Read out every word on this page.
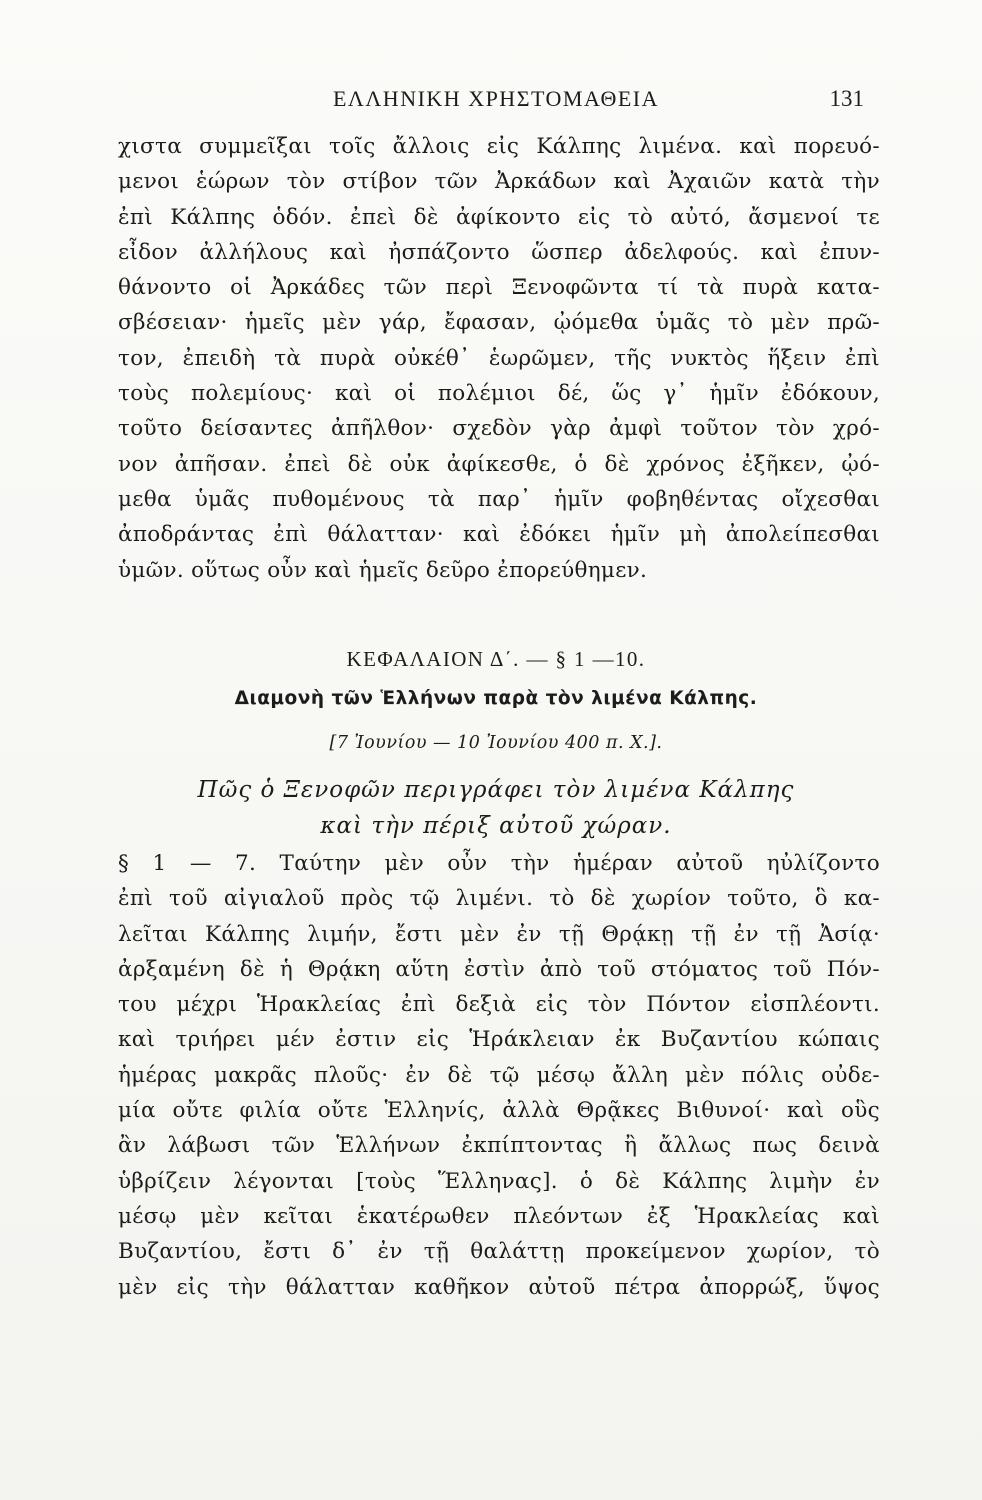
ΕΛΛΗΝΙΚΗ ΧΡΗΣΤΟΜΑΘΕΙΑ	131
χιστα συμμεῖξαι τοῖς ἄλλοις εἰς Κάλπης λιμένα. καὶ πορευό-
μενοι ἑώρων τὸν στίβον τῶν Ἀρκάδων καὶ Ἀχαιῶν κατὰ τὴν
ἐπὶ Κάλπης ὁδόν. ἐπεὶ δὲ ἀφίκοντο εἰς τὸ αὐτό, ἄσμενοί τε
εἶδον ἀλλήλους καὶ ἠσπάζοντο ὥσπερ ἀδελφούς. καὶ ἐπυν-
θάνοντο οἱ Ἀρκάδες τῶν περὶ Ξενοφῶντα τί τὰ πυρὰ κατα-
σβέσειαν· ἡμεῖς μὲν γάρ, ἔφασαν, ᾠόμεθα ὑμᾶς τὸ μὲν πρῶ-
τον, ἐπειδὴ τὰ πυρὰ οὐκέθ᾿ ἑωρῶμεν, τῆς νυκτὸς ἥξειν ἐπὶ
τοὺς πολεμίους· καὶ οἱ πολέμιοι δέ, ὥς γ᾿ ἡμῖν ἐδόκουν,
τοῦτο δείσαντες ἀπῆλθον· σχεδὸν γὰρ ἀμφὶ τοῦτον τὸν χρό-
νον ἀπῆσαν. ἐπεὶ δὲ οὐκ ἀφίκεσθε, ὁ δὲ χρόνος ἐξῆκεν, ᾠό-
μεθα ὑμᾶς πυθομένους τὰ παρ᾿ ἡμῖν φοβηθέντας οἴχεσθαι
ἀποδράντας ἐπὶ θάλατταν· καὶ ἐδόκει ἡμῖν μὴ ἀπολείπεσθαι
ὑμῶν. οὕτως οὖν καὶ ἡμεῖς δεῦρο ἐπορεύθημεν.
ΚΕΦΑΛΑΙΟΝ Δ΄. — § 1 —10.
Διαμονὴ τῶν Ἑλλήνων παρὰ τὸν λιμένα Κάλπης.
[7 Ἰουνίου — 10 Ἰουνίου 400 π. Χ.].
Πῶς ὁ Ξενοφῶν περιγράφει τὸν λιμένα Κάλπης
καὶ τὴν πέριξ αὐτοῦ χώραν.
§ 1 — 7. Ταύτην μὲν οὖν τὴν ἡμέραν αὐτοῦ ηὐλίζοντο
ἐπὶ τοῦ αἰγιαλοῦ πρὸς τῷ λιμένι. τὸ δὲ χωρίον τοῦτο, ὃ κα-
λεῖται Κάλπης λιμήν, ἔστι μὲν ἐν τῇ Θρᾴκῃ τῇ ἐν τῇ Ἀσίᾳ·
ἀρξαμένη δὲ ἡ Θρᾴκη αὕτη ἐστὶν ἀπὸ τοῦ στόματος τοῦ Πόν-
του μέχρι Ἡρακλείας ἐπὶ δεξιὰ εἰς τὸν Πόντον εἰσπλέοντι.
καὶ τριήρει μέν ἐστιν εἰς Ἡράκλειαν ἐκ Βυζαντίου κώπαις
ἡμέρας μακρᾶς πλοῦς· ἐν δὲ τῷ μέσῳ ἄλλη μὲν πόλις οὐδε-
μία οὔτε φιλία οὔτε Ἑλληνίς, ἀλλὰ Θρᾷκες Βιθυνοί· καὶ οὓς
ἂν λάβωσι τῶν Ἑλλήνων ἐκπίπτοντας ἢ ἄλλως πως δεινὰ
ὑβρίζειν λέγονται [τοὺς Ἕλληνας]. ὁ δὲ Κάλπης λιμὴν ἐν
μέσῳ μὲν κεῖται ἑκατέρωθεν πλεόντων ἐξ Ἡρακλείας καὶ
Βυζαντίου, ἔστι δ᾿ ἐν τῇ θαλάττῃ προκείμενον χωρίον, τὸ
μὲν εἰς τὴν θάλατταν καθῆκον αὐτοῦ πέτρα ἀπορρώξ, ὕψος
